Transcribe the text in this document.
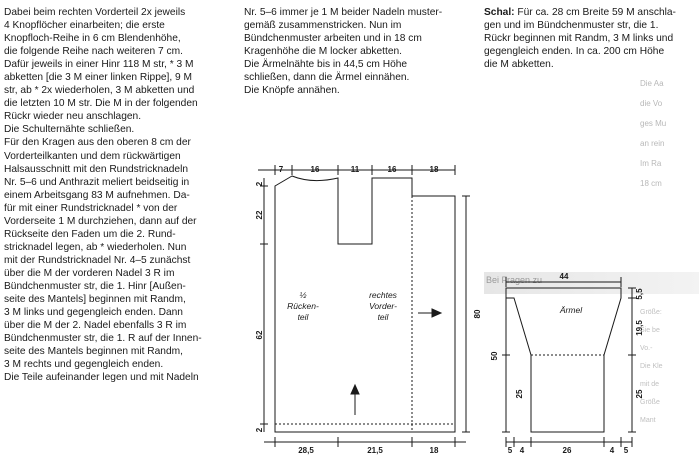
Dabei beim rechten Vorderteil 2x jeweils

4 Knopflöcher einarbeiten; die erste

Knopfloch-Reihe in 6 cm Blendenhöhe,

die folgende Reihe nach weiteren 7 cm.

Dafür jeweils in einer Hinr 118 M str, * 3 M

abketten [die 3 M einer linken Rippe], 9 M

str, ab * 2x wiederholen, 3 M abketten und

die letzten 10 M str. Die M in der folgenden

Rückr wieder neu anschlagen.

Die Schulternähte schließen.

Für den Kragen aus den oberen 8 cm der

Vorderteilkanten und dem rückwärtigen

Halsausschnitt mit den Rundstricknadeln

Nr. 5–6 und Anthrazit meliert beidseitig in

einem Arbeitsgang 83 M aufnehmen. Da-

für mit einer Rundstricknadel * von der

Vorderseite 1 M durchziehen, dann auf der

Rückseite den Faden um die 2. Rund-

stricknadel legen, ab * wiederholen. Nun

mit der Rundstricknadel Nr. 4–5 zunächst

über die M der vorderen Nadel 3 R im

Bündchenmuster str, die 1. Hinr [Außen-

seite des Mantels] beginnen mit Randm,

3 M links und gegengleich enden. Dann

über die M der 2. Nadel ebenfalls 3 R im

Bündchenmuster str, die 1. R auf der Innen-

seite des Mantels beginnen mit Randm,

3 M rechts und gegengleich enden.

Die Teile aufeinander legen und mit Nadeln

Nr. 5–6 immer je 1 M beider Nadeln muster-

gemäß zusammenstricken. Nun im

Bündchenmuster arbeiten und in 18 cm

Kragenhöhe die M locker abketten.

Die Ärmelnähte bis in 44,5 cm Höhe

schließen, dann die Ärmel einnähen.

Die Knöpfe annähen.

Schal: Für ca. 28 cm Breite 59 M anschla-

gen und im Bündchenmuster str, die 1.

Rückr beginnen mit Randm, 3 M links und

gegengleich enden. In ca. 200 cm Höhe

die M abketten.

Die Aa

die Vo

ges Mu

an rein

Im Ra

18 cm

Bei Fragen zu

Größe:

Sie be

Vo.-

Die Kle

mit de

Größe

Mant

7	16	11	16	18
2
22
62
2
80
28,5	21,5	18
½
Rücken-
teil
rechtes
Vorder-
teil
44
Ärmel
5,5
19,5
25
50
25
5 4	26	4 5
